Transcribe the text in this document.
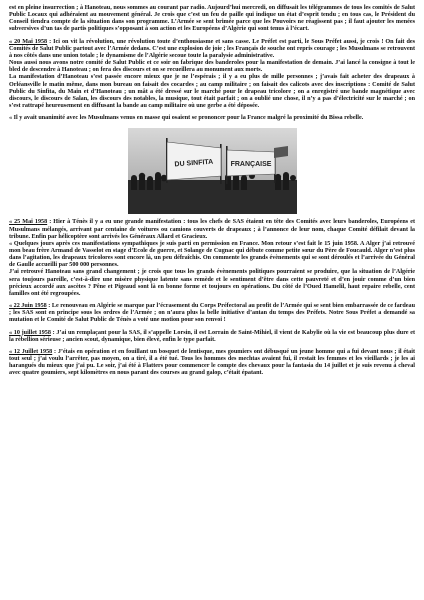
est en pleine insurrection ; à Hanoteau, nous sommes au courant par radio. Aujourd’hui mercredi, on diffusait les télégrammes de tous les comités de Salut Public Locaux qui adhéraient au mouvement général. Je crois que c’est un feu de paille qui indique un état d’esprit tendu ; en tous cas, le Président du Conseil tiendra compte de la situation dans son programme. L’Armée se sent brimée parce que les Pouvoirs ne réagissent pas ; il faut ajouter les menées subversives d’un tas de partis politiques s’opposant à son action et les Européens d’Algérie qui sont tenus à l’écart.

« 20 Mai 1958 : Ici on vit la révolution, une révolution toute d’enthousiasme et sans casse. Le Préfet est parti, le Sous Préfet aussi, je crois ! On fait des Comités de Salut Public partout avec l’Armée dedans. C’est une explosion de joie ; les Français de souche ont repris courage ; les Musulmans se retrouvent à nos côtés dans une union totale ; le dynamisme de l’Algérie secoue toute la paralysie administrative.

Nous aussi nous avons notre comité de Salut Public et ce soir on fabrique des banderoles pour la manifestation de demain. J’ai lancé la consigne à tout le bled de descendre à Hanoteau ; on fera des discours et on se recueillera au monument aux morts.

La manifestation d’Hanoteau s’est passée encore mieux que je ne l’espérais ; il y a eu plus de mille personnes ; j’avais fait acheter des drapeaux à Orléansville le matin même, dans mon bureau on faisait des cocardes ; au camp militaire ; on faisait des calicots avec des inscriptions : Comité de Salut Public du Sinfita, du Main et d’Hanoteau ; un mât a été dressé sur le marché pour le drapeau tricolore ; on a enregistré une bande magnétique avec discours, le discours de Salan, les discours des notables, la musique, tout était parfait ; on a oublié une chose, il n’y a pas d’électricité sur le marché ; on s’est rattrapé heureusement en diffusant la bande au camp militaire où une gerbe a été déposée.

« Il y avait unanimité avec les Musulmans venus en masse qui osaient se prononcer pour la France malgré la proximité du Bissa rebelle.

DU SINFITA FRANÇAISE

« 25 Mai 1958 : Hier à Ténès il y a eu une grande manifestation : tous les chefs de SAS étaient en tête des Comités avec leurs banderoles, Européens et Musulmans mélangés, arrivant par centaine de voitures ou camions couverts de drapeaux ; à l’annonce de leur nom, chaque Comité défilait devant la tribune. Enfin par hélicoptère sont arrivés les Généraux Allard et Gracieux.

« Quelques jours après ces manifestations sympathiques je suis parti en permission en France. Mon retour s’est fait le 15 juin 1958. A Alger j’ai retrouvé mon beau frère Armand de Vasselot en stage d’Ecole de guerre, et Solange de Cugnac qui débute comme petite sœur du Père de Foucauld. Alger n’est plus dans l’agitation, les drapeaux tricolores sont encore là, un peu défraîchis. On commente les grands évènements qui se sont déroulés et l’arrivée du Général de Gaulle accueilli par 500 000 personnes.

J’ai retrouvé Hanoteau sans grand changement ; je crois que tous les grands évènements politiques pourraient se produire, que la situation de l’Algérie sera toujours pareille, c’est-à-dire une misère physique latente sans remède et le sentiment d’être dans cette pauvreté et d’en jouir comme d’un bien précieux accordé aux ascètes ? Pêne et Pigeaud sont là en bonne forme et toujours en opérations. Du côté de l’Oued Hamelil, haut repaire rebelle, cent familles ont été regroupées.

« 22 Juin 1958 : Le renouveau en Algérie se marque par l’écrasement du Corps Préfectoral au profit de l’Armée qui se sent bien embarrassée de ce fardeau ; les SAS sont en principe sous les ordres de l’Armée ; on n’aura plus la belle initiative d’antan du temps des Préfets. Notre Sous Préfet a demandé sa mutation et le Comité de Salut Public de Ténès a voté une motion pour son renvoi !

« 10 juillet 1958 : J’ai un remplaçant pour la SAS, il s’appelle Lorsin, il est Lorrain de Saint-Mihiel, il vient de Kabylie où la vie est beaucoup plus dure et la rébellion sérieuse ; ancien scout, dynamique, bien élevé, enfin le type parfait.

« 12 Juillet 1958 : J’étais en opération et en fouillant un bosquet de lentisque, mes goumiers ont débusqué un jeune homme qui a fui devant nous ; il était tout seul ; j’ai voulu l’arrêter, pas moyen, on a tiré, il a été tué. Tous les hommes des mechtas avaient fui, il restait les femmes et les vieillards ; je les ai harangués du mieux que j’ai pu. Le soir, j’ai été à Flatters pour commencer le compte des chevaux pour la fantasia du 14 juillet et je suis revenu à cheval avec quatre goumiers, sept kilomètres en nous parant des courses au grand galop, c’était épatant.
